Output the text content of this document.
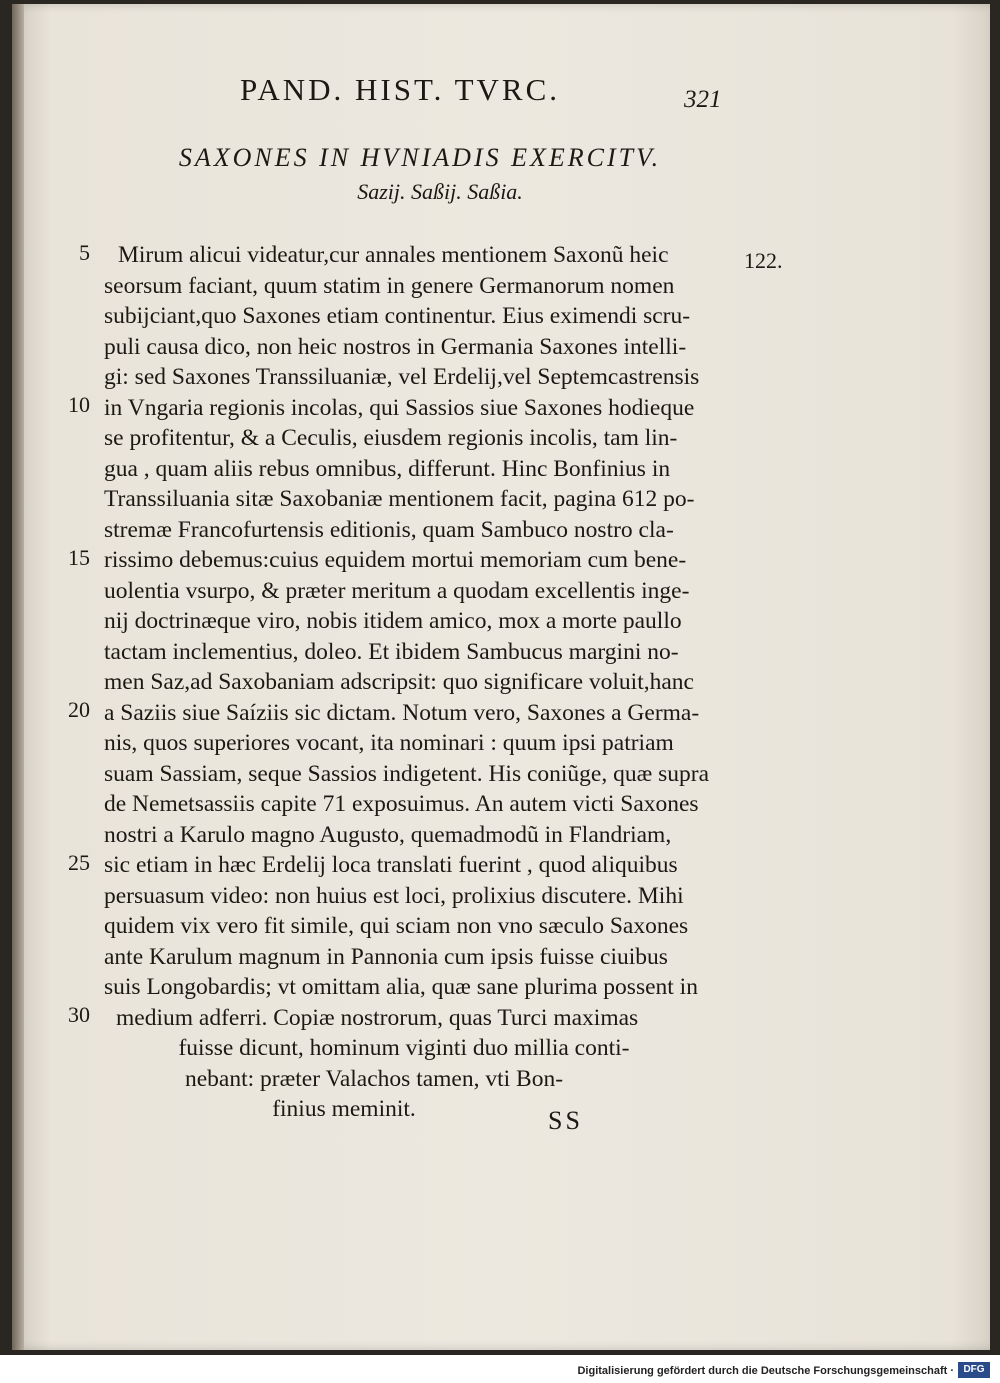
PAND. HIST. TVRC.	321
SAXONES IN HVNIADIS EXERCITV.
Sazij. Saßij. Saßia.
122.
5
10
15
20
25
30
Mirum alicui videatur,cur annales mentionem Saxonũ heic
seorsum faciant, quum statim in genere Germanorum nomen
subijciant,quo Saxones etiam continentur. Eius eximendi scru-
puli causa dico, non heic nostros in Germania Saxones intelli-
gi: sed Saxones Transsiluaniæ, vel Erdelij,vel Septemcastrensis
in Vngaria regionis incolas, qui Sassios siue Saxones hodieque
se profitentur, & a Ceculis, eiusdem regionis incolis, tam lin-
gua , quam aliis rebus omnibus, differunt. Hinc Bonfinius in
Transsiluania sitæ Saxobaniæ mentionem facit, pagina 612 po-
stremæ Francofurtensis editionis, quam Sambuco nostro cla-
rissimo debemus:cuius equidem mortui memoriam cum bene-
uolentia vsurpo, & præter meritum a quodam excellentis inge-
nij doctrinæque viro, nobis itidem amico, mox a morte paullo
tactam inclementius, doleo. Et ibidem Sambucus margini no-
men Saz,ad Saxobaniam adscripsit: quo significare voluit,hanc
a Saziis siue Saíziis sic dictam. Notum vero, Saxones a Germa-
nis, quos superiores vocant, ita nominari : quum ipsi patriam
suam Sassiam, seque Sassios indigetent. His coniũge, quæ supra
de Nemetsassiis capite 71 exposuimus. An autem victi Saxones
nostri a Karulo magno Augusto, quemadmodũ in Flandriam,
sic etiam in hæc Erdelij loca translati fuerint , quod aliquibus
persuasum video: non huius est loci, prolixius discutere. Mihi
quidem vix vero fit simile, qui sciam non vno sæculo Saxones
ante Karulum magnum in Pannonia cum ipsis fuisse ciuibus
suis Longobardis; vt omittam alia, quæ sane plurima possent in
medium adferri. Copiæ nostrorum, quas Turci maximas
fuisse dicunt, hominum viginti duo millia conti-
nebant: præter Valachos tamen, vti Bon-
finius meminit.	SS
Digitalisierung gefördert durch die Deutsche Forschungsgemeinschaft · DFG
